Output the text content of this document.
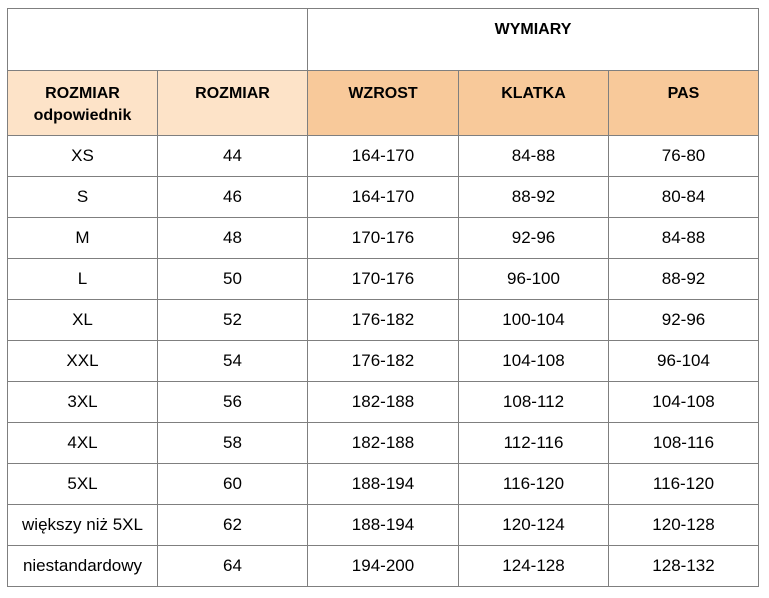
		WYMIARY		
ROZMIAR
odpowiednik	ROZMIAR	WZROST	KLATKA	PAS
XS	44	164-170	84-88	76-80
S	46	164-170	88-92	80-84
M	48	170-176	92-96	84-88
L	50	170-176	96-100	88-92
XL	52	176-182	100-104	92-96
XXL	54	176-182	104-108	96-104
3XL	56	182-188	108-112	104-108
4XL	58	182-188	112-116	108-116
5XL	60	188-194	116-120	116-120
większy niż 5XL	62	188-194	120-124	120-128
niestandardowy	64	194-200	124-128	128-132
